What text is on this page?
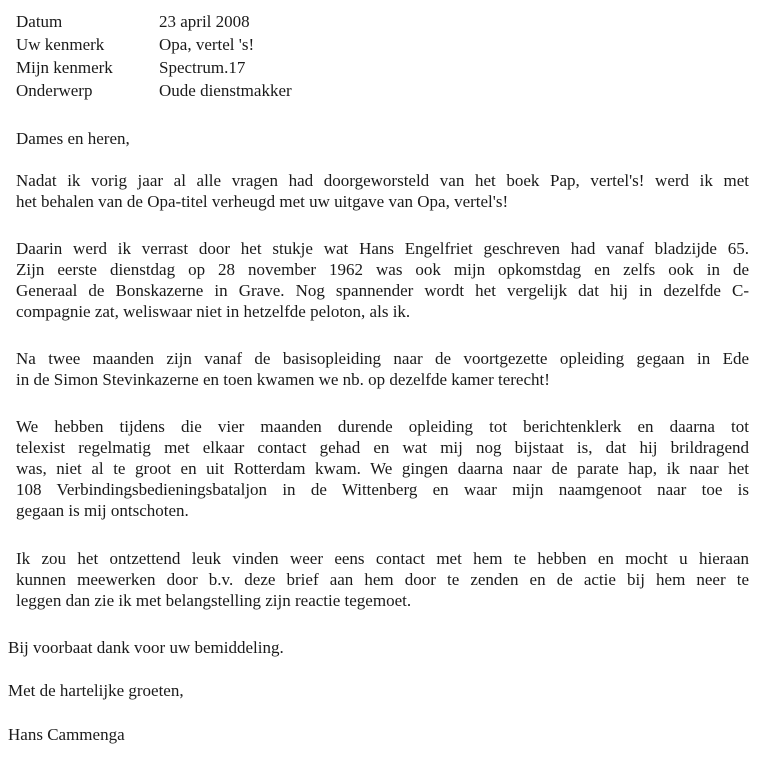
Datum	23 april 2008
Uw kenmerk	Opa, vertel 's!
Mijn kenmerk	Spectrum.17
Onderwerp	Oude dienstmakker
Dames en heren,
Nadat ik vorig jaar al alle vragen had doorgeworsteld van het boek Pap, vertel's! werd ik met
het behalen van de Opa-titel verheugd met uw uitgave van Opa, vertel's!
Daarin werd ik verrast door het stukje wat Hans Engelfriet geschreven had vanaf bladzijde 65.
Zijn eerste dienstdag op 28 november 1962 was ook mijn opkomstdag en zelfs ook in de
Generaal de Bonskazerne in Grave. Nog spannender wordt het vergelijk dat hij in dezelfde C-
compagnie zat, weliswaar niet in hetzelfde peloton, als ik.
Na twee maanden zijn vanaf de basisopleiding naar de voortgezette opleiding gegaan in Ede
in de Simon Stevinkazerne en toen kwamen we nb. op dezelfde kamer terecht!
We hebben tijdens die vier maanden durende opleiding tot berichtenklerk en daarna tot
telexist regelmatig met elkaar contact gehad en wat mij nog bijstaat is, dat hij brildragend
was, niet al te groot en uit Rotterdam kwam. We gingen daarna naar de parate hap, ik naar het
108 Verbindingsbedieningsbataljon in de Wittenberg en waar mijn naamgenoot naar toe is
gegaan is mij ontschoten.
Ik zou het ontzettend leuk vinden weer eens contact met hem te hebben en mocht u hieraan
kunnen meewerken door b.v. deze brief aan hem door te zenden en de actie bij hem neer te
leggen dan zie ik met belangstelling zijn reactie tegemoet.
Bij voorbaat dank voor uw bemiddeling.
Met de hartelijke groeten,
Hans Cammenga
